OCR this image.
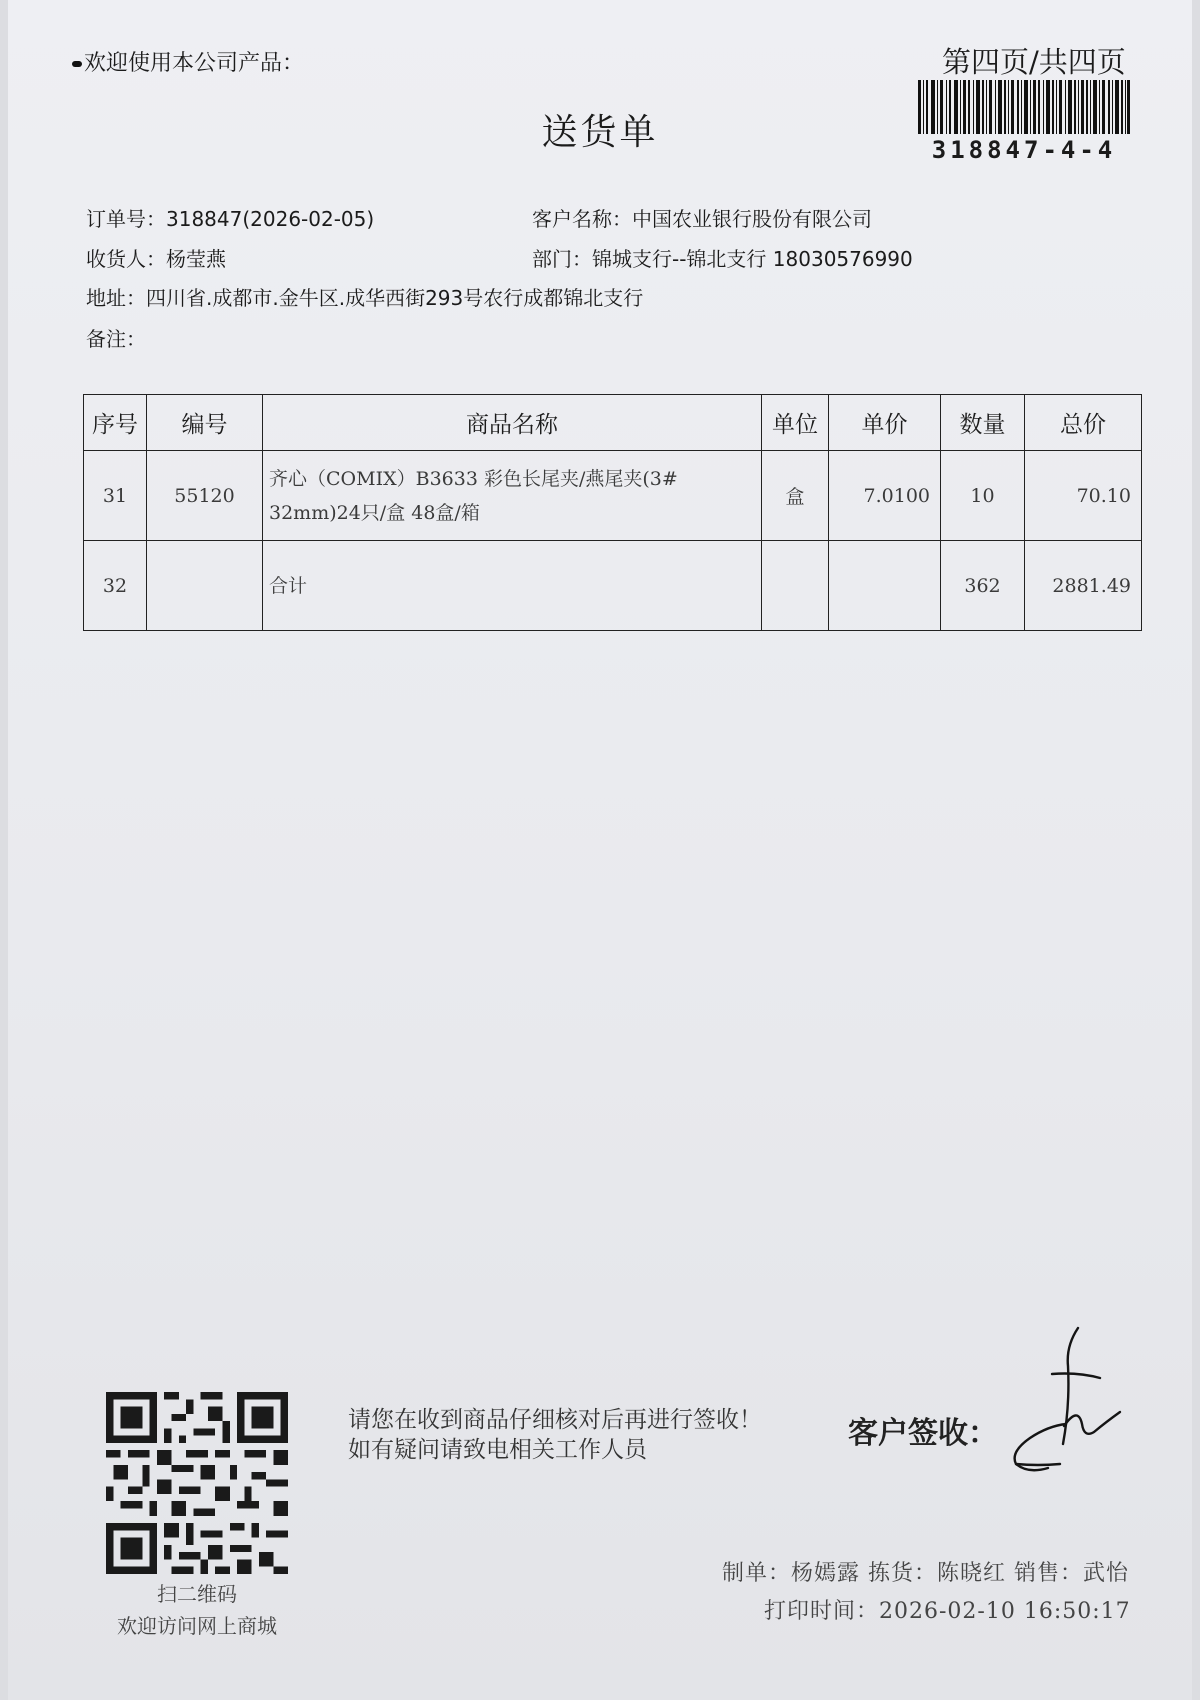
欢迎使用本公司产品：	第四页/共四页
318847-4-4
送货单
订单号：318847(2026-02-05)	客户名称：中国农业银行股份有限公司
收货人：杨莹燕	部门：锦城支行--锦北支行 18030576990
地址：四川省.成都市.金牛区.成华西街293号农行成都锦北支行
备注：
序号	编号	商品名称	单位	单价	数量	总价
31	55120	齐心（COMIX）B3633 彩色长尾夹/燕尾夹(3# 32mm)24只/盒 48盒/箱	盒	7.0100	10	70.10
32		合计			362	2881.49
扫二维码
欢迎访问网上商城
请您在收到商品仔细核对后再进行签收！如有疑问请致电相关工作人员	客户签收：
制单：杨嫣露 拣货：陈晓红 销售：武怡
打印时间：2026-02-10 16:50:17
